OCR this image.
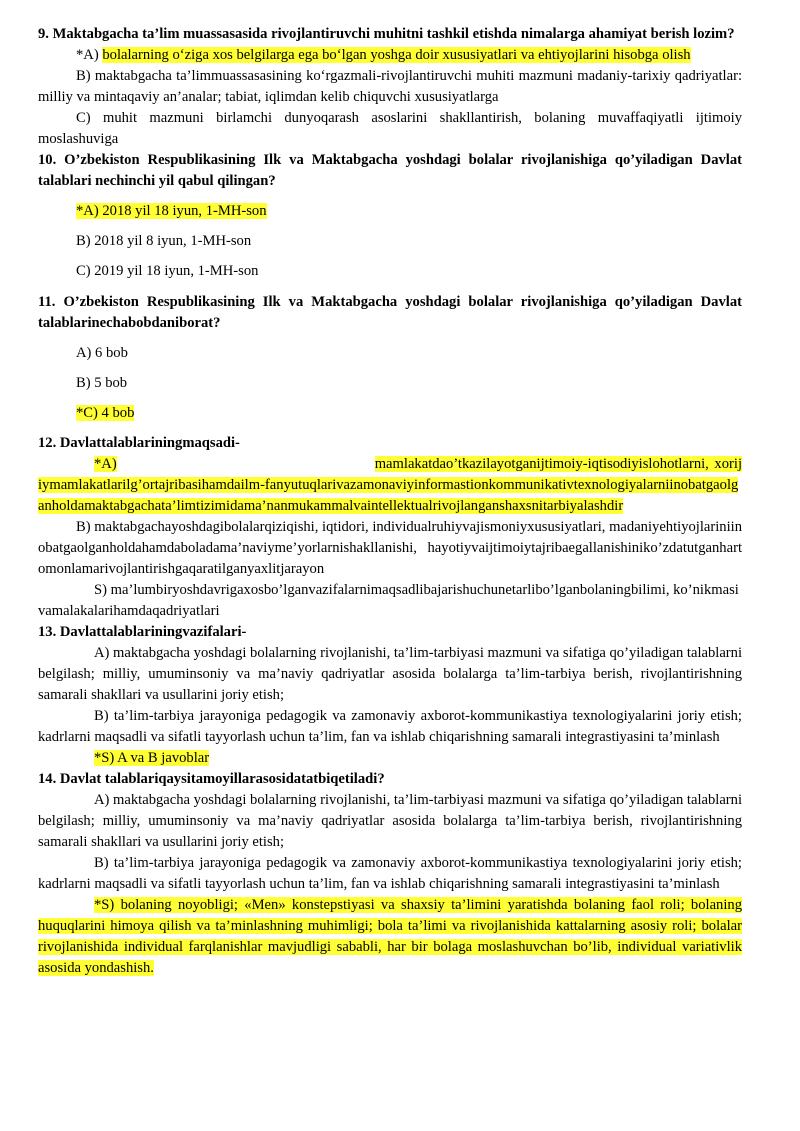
9. Maktabgacha ta’lim muassasasida rivojlantiruvchi muhitni tashkil etishda nimalarga ahamiyat berish lozim?

*A) bolalarning o‘ziga xos belgilarga ega bo‘lgan yoshga doir xususiyatlari va ehtiyojlarini hisobga olish

B) maktabgacha ta’limmuassasasining ko‘rgazmali-rivojlantiruvchi muhiti mazmuni madaniy-tarixiy qadriyatlar: milliy va mintaqaviy an’analar; tabiat, iqlimdan kelib chiquvchi xususiyatlarga

C) muhit mazmuni birlamchi dunyoqarash asoslarini shakllantirish, bolaning muvaffaqiyatli ijtimoiy moslashuviga

10. O’zbekiston Respublikasining Ilk va Maktabgacha yoshdagi bolalar rivojlanishiga qo’yiladigan Davlat talablari nechinchi yil qabul qilingan?

*A) 2018 yil 18 iyun, 1-MH-son

B) 2018 yil 8 iyun, 1-MH-son

C) 2019 yil 18 iyun, 1-MH-son

11. O’zbekiston Respublikasining Ilk va Maktabgacha yoshdagi bolalar rivojlanishiga qo’yiladigan Davlat talablarinechabobdaniborat?

A) 6 bob

B) 5 bob

*C) 4 bob

12. Davlattalablariningmaqsadi-

*A)	mamlakatdao’tkazilayotganijtimoiy-iqtisodiyislohotlarni, xorijiymamlakatlarilg’ortajribasihamdailm-fanyutuqlarivazamonaviyinformastionkommunikativtexnologiyalarniinobatgaolganholdamaktabgachata’limtizimidama’nanmukammalvaintellektualrivojlanganshaxsnitarbiyalashdir

B) maktabgachayoshdagibolalarqiziqishi, iqtidori, individualruhiyvajismoniyxususiyatlari, madaniyehtiyojlariniinobatgaolganholdahamdaboladama’naviyme’yorlarnishakllanishi, hayotiyvaijtimoiytajribaegallanishiniko’zdatutganhartomonlamarivojlantirishgaqaratilganyaxlitjarayon

S) ma’lumbiryoshdavrigaxosbo’lganvazifalarnimaqsadlibajarishuchunetarlibo’lganbolaningbilimi, ko’nikmasivamalakalarihamdaqadriyatlari

13. Davlattalablariningvazifalari-

A) maktabgacha yoshdagi bolalarning rivojlanishi, ta’lim-tarbiyasi mazmuni va sifatiga qo’yiladigan talablarni belgilash; milliy, umuminsoniy va ma’naviy qadriyatlar asosida bolalarga ta’lim-tarbiya berish, rivojlantirishning samarali shakllari va usullarini joriy etish;

B) ta’lim-tarbiya jarayoniga pedagogik va zamonaviy axborot-kommunikastiya texnologiyalarini joriy etish; kadrlarni maqsadli va sifatli tayyorlash uchun ta’lim, fan va ishlab chiqarishning samarali integrastiyasini ta’minlash

*S) A va B javoblar

14. Davlat talablariqaysitamoyillarasosidatatbiqetiladi?

A) maktabgacha yoshdagi bolalarning rivojlanishi, ta’lim-tarbiyasi mazmuni va sifatiga qo’yiladigan talablarni belgilash; milliy, umuminsoniy va ma’naviy qadriyatlar asosida bolalarga ta’lim-tarbiya berish, rivojlantirishning samarali shakllari va usullarini joriy etish;

B) ta’lim-tarbiya jarayoniga pedagogik va zamonaviy axborot-kommunikastiya texnologiyalarini joriy etish; kadrlarni maqsadli va sifatli tayyorlash uchun ta’lim, fan va ishlab chiqarishning samarali integrastiyasini ta’minlash

*S) bolaning noyobligi; «Men» konstepstiyasi va shaxsiy ta’limini yaratishda bolaning faol roli; bolaning huquqlarini himoya qilish va ta’minlashning muhimligi; bola ta’limi va rivojlanishida kattalarning asosiy roli; bolalar rivojlanishida individual farqlanishlar mavjudligi sababli, har bir bolaga moslashuvchan bo’lib, individual variativlik asosida yondashish.
